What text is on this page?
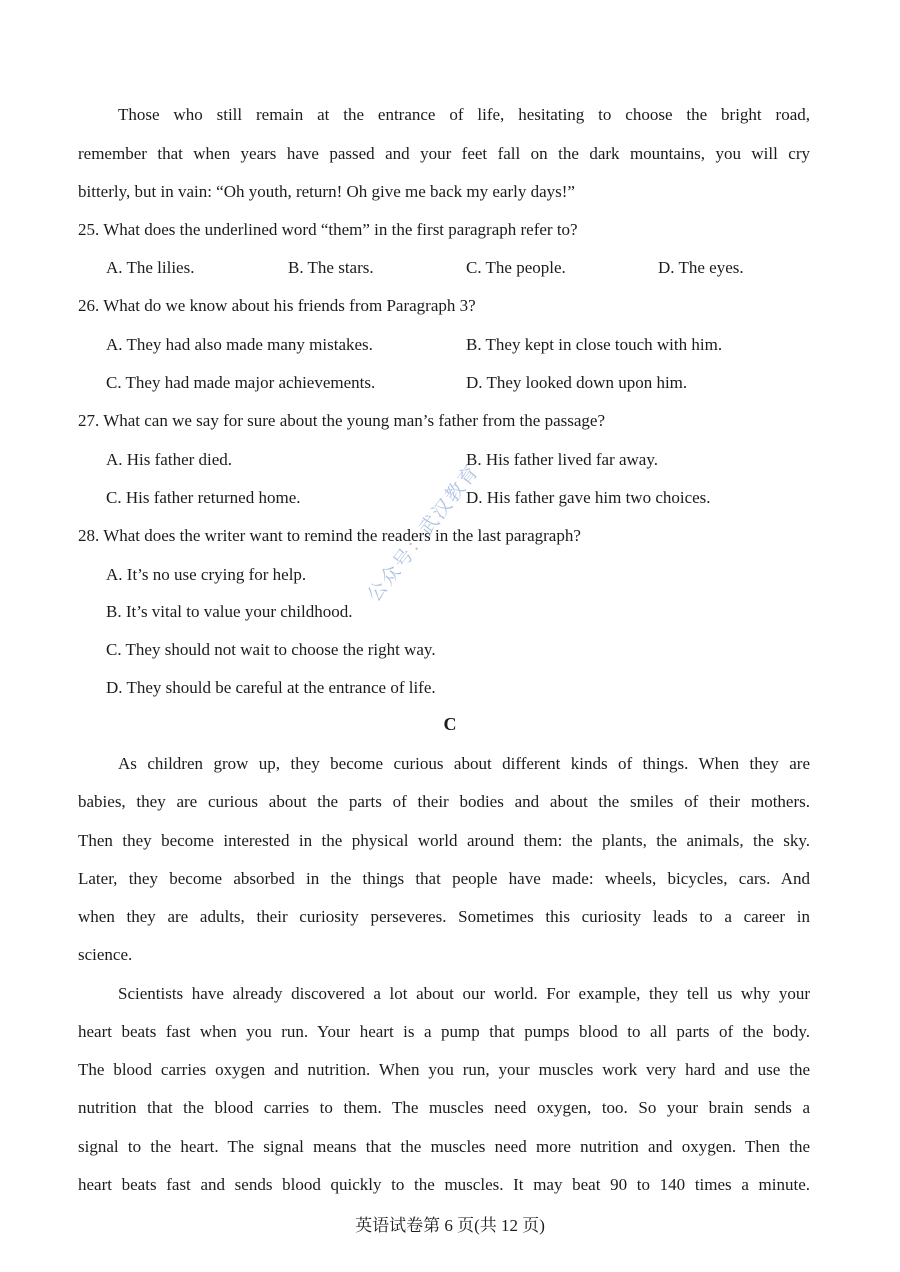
Those who still remain at the entrance of life, hesitating to choose the bright road,
remember that when years have passed and your feet fall on the dark mountains, you will cry
bitterly, but in vain: “Oh youth, return! Oh give me back my early days!”
25. What does the underlined word “them” in the first paragraph refer to?
A. The lilies.	B. The stars.	C. The people.	D. The eyes.
26. What do we know about his friends from Paragraph 3?
A. They had also made many mistakes.	B. They kept in close touch with him.
C. They had made major achievements.	D. They looked down upon him.
27. What can we say for sure about the young man’s father from the passage?
A. His father died.	B. His father lived far away.
C. His father returned home.	D. His father gave him two choices.
28. What does the writer want to remind the readers in the last paragraph?
A. It’s no use crying for help.
B. It’s vital to value your childhood.
C. They should not wait to choose the right way.
D. They should be careful at the entrance of life.
C
As children grow up, they become curious about different kinds of things. When they are
babies, they are curious about the parts of their bodies and about the smiles of their mothers.
Then they become interested in the physical world around them: the plants, the animals, the sky.
Later, they become absorbed in the things that people have made: wheels, bicycles, cars. And
when they are adults, their curiosity perseveres. Sometimes this curiosity leads to a career in
science.
Scientists have already discovered a lot about our world. For example, they tell us why your
heart beats fast when you run. Your heart is a pump that pumps blood to all parts of the body.
The blood carries oxygen and nutrition. When you run, your muscles work very hard and use the
nutrition that the blood carries to them. The muscles need oxygen, too. So your brain sends a
signal to the heart. The signal means that the muscles need more nutrition and oxygen. Then the
heart beats fast and sends blood quickly to the muscles. It may beat 90 to 140 times a minute.
公众号：武汉教育
英语试卷第 6 页(共 12 页)
